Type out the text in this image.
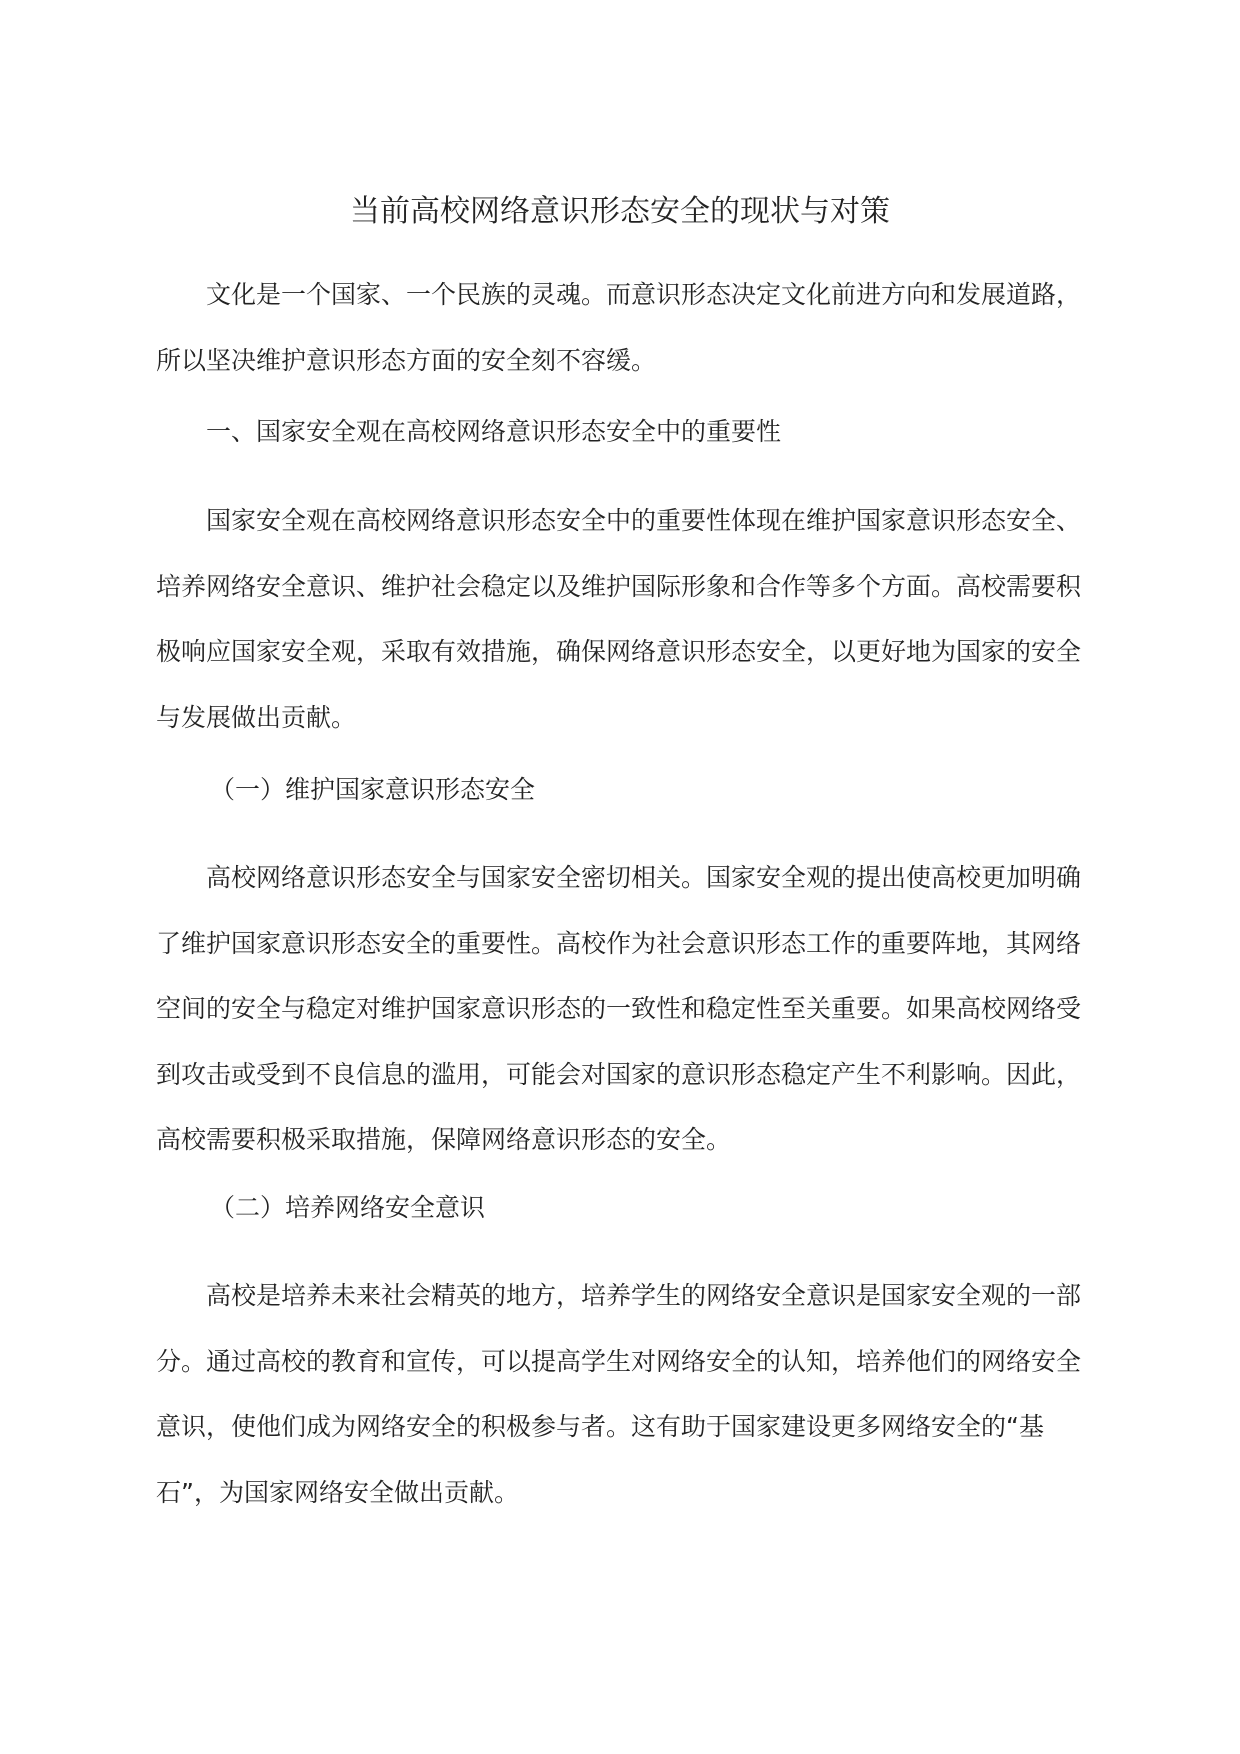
当前高校网络意识形态安全的现状与对策

文化是一个国家、一个民族的灵魂。而意识形态决定文化前进方向和发展道路，所以坚决维护意识形态方面的安全刻不容缓。

一、国家安全观在高校网络意识形态安全中的重要性

国家安全观在高校网络意识形态安全中的重要性体现在维护国家意识形态安全、培养网络安全意识、维护社会稳定以及维护国际形象和合作等多个方面。高校需要积极响应国家安全观，采取有效措施，确保网络意识形态安全，以更好地为国家的安全与发展做出贡献。

（一）维护国家意识形态安全

高校网络意识形态安全与国家安全密切相关。国家安全观的提出使高校更加明确了维护国家意识形态安全的重要性。高校作为社会意识形态工作的重要阵地，其网络空间的安全与稳定对维护国家意识形态的一致性和稳定性至关重要。如果高校网络受到攻击或受到不良信息的滥用，可能会对国家的意识形态稳定产生不利影响。因此，高校需要积极采取措施，保障网络意识形态的安全。

（二）培养网络安全意识

高校是培养未来社会精英的地方，培养学生的网络安全意识是国家安全观的一部分。通过高校的教育和宣传，可以提高学生对网络安全的认知，培养他们的网络安全意识，使他们成为网络安全的积极参与者。这有助于国家建设更多网络安全的“基石”，为国家网络安全做出贡献。
